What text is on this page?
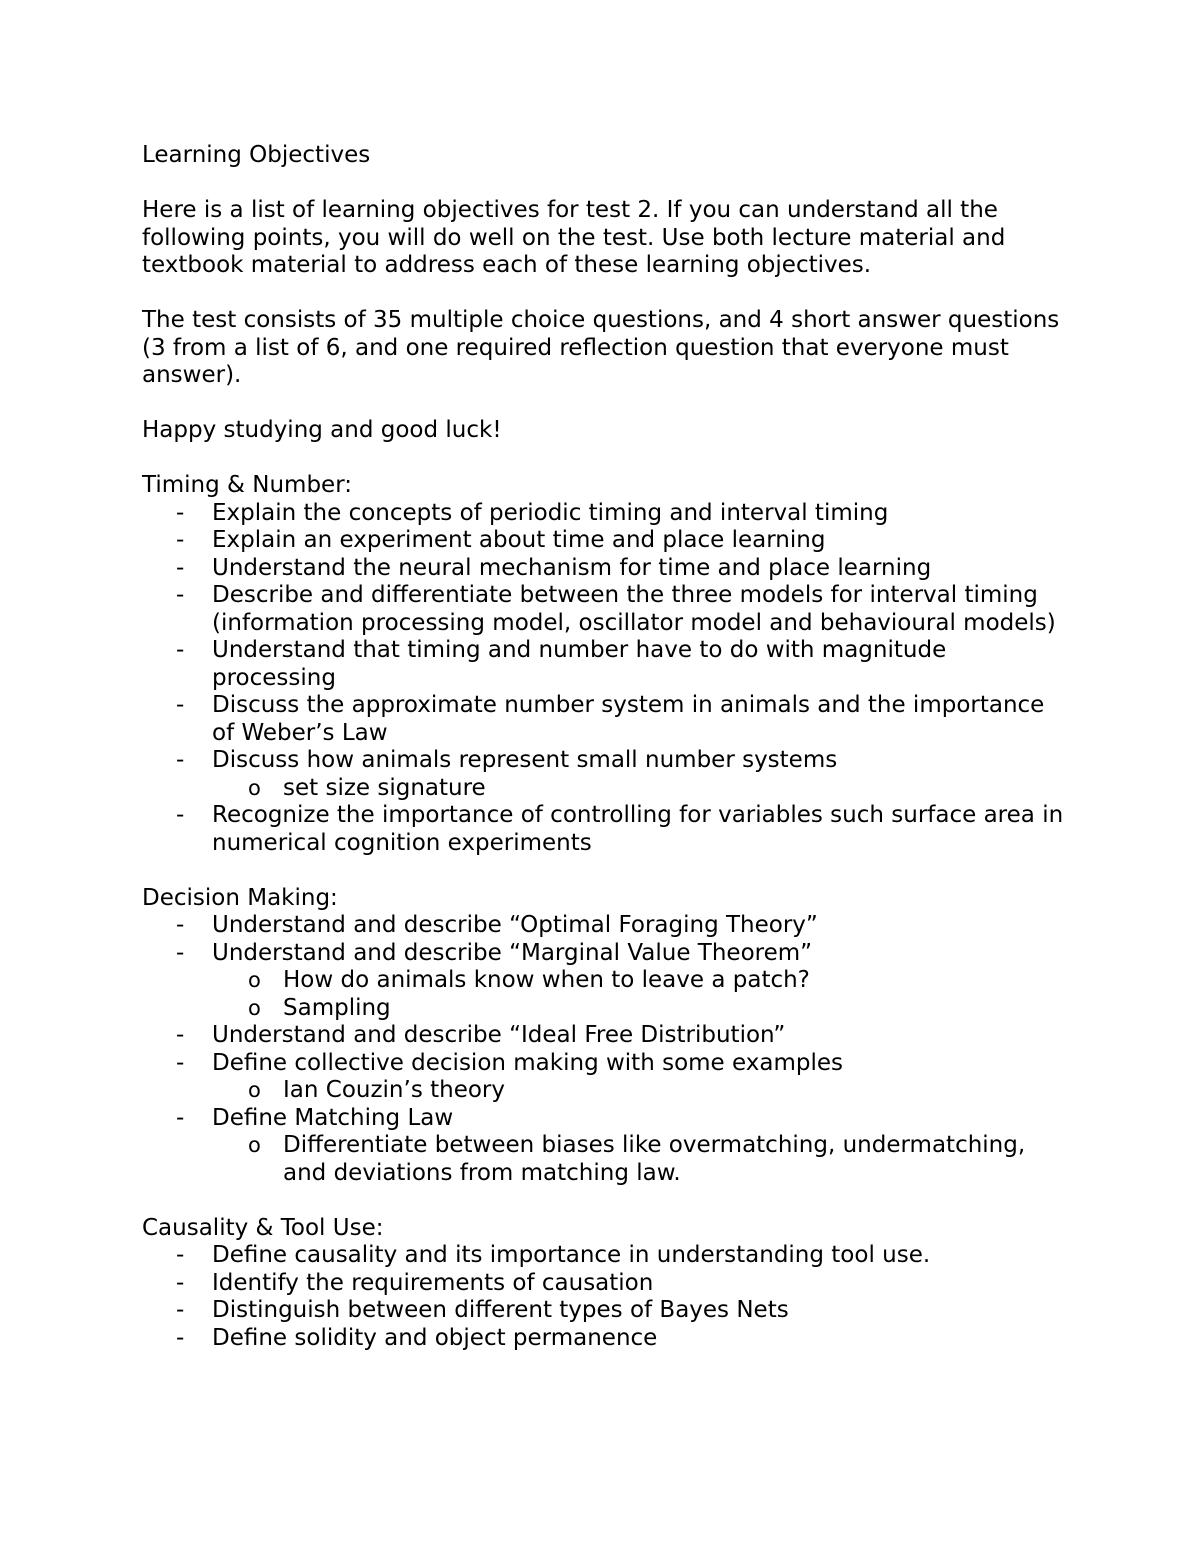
Learning Objectives

Here is a list of learning objectives for test 2. If you can understand all the following points, you will do well on the test. Use both lecture material and textbook material to address each of these learning objectives.

The test consists of 35 multiple choice questions, and 4 short answer questions (3 from a list of 6, and one required reflection question that everyone must answer).

Happy studying and good luck!

Timing & Number:

- Explain the concepts of periodic timing and interval timing
- Explain an experiment about time and place learning
- Understand the neural mechanism for time and place learning
- Describe and differentiate between the three models for interval timing (information processing model, oscillator model and behavioural models)
- Understand that timing and number have to do with magnitude processing
- Discuss the approximate number system in animals and the importance of Weber’s Law
- Discuss how animals represent small number systems
o set size signature
- Recognize the importance of controlling for variables such surface area in numerical cognition experiments

Decision Making:

- Understand and describe “Optimal Foraging Theory”
- Understand and describe “Marginal Value Theorem”
o How do animals know when to leave a patch?
o Sampling
- Understand and describe “Ideal Free Distribution”
- Define collective decision making with some examples
o Ian Couzin’s theory
- Define Matching Law
o Differentiate between biases like overmatching, undermatching, and deviations from matching law.

Causality & Tool Use:

- Define causality and its importance in understanding tool use.
- Identify the requirements of causation
- Distinguish between different types of Bayes Nets
- Define solidity and object permanence
